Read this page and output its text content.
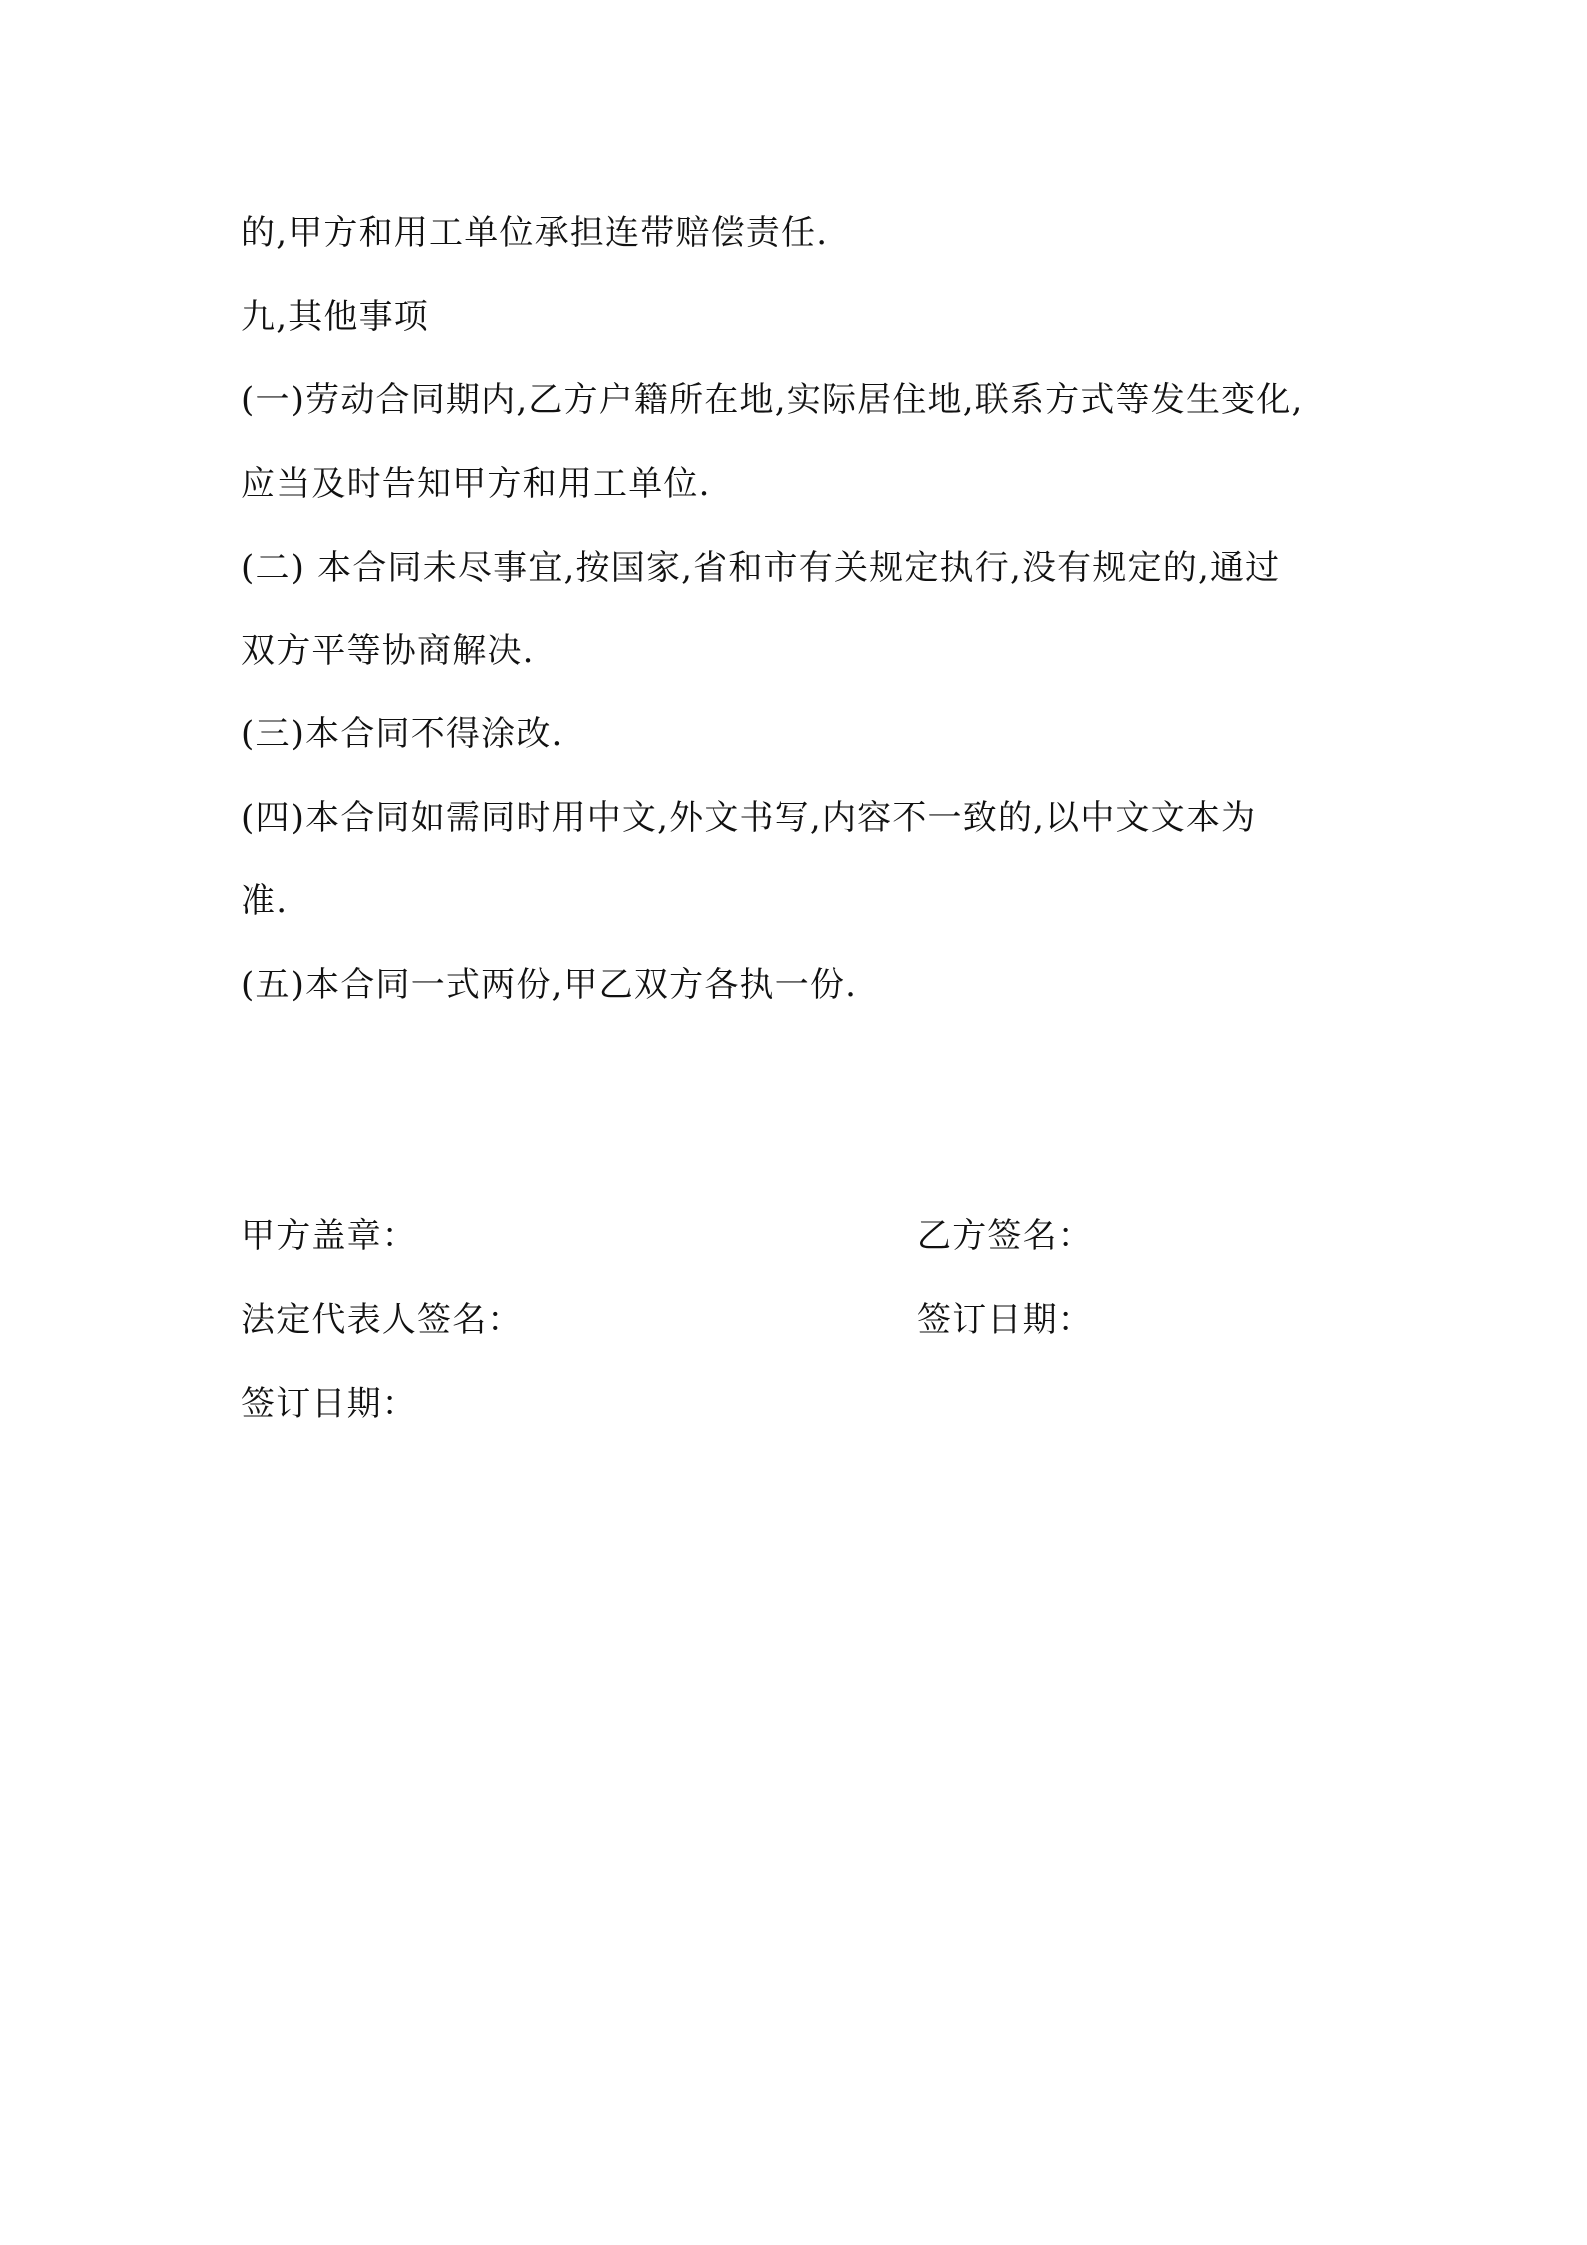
的,甲方和用工单位承担连带赔偿责任.
九,其他事项
(一)劳动合同期内,乙方户籍所在地,实际居住地,联系方式等发生变化,
应当及时告知甲方和用工单位.
(二) 本合同未尽事宜,按国家,省和市有关规定执行,没有规定的,通过
双方平等协商解决.
(三)本合同不得涂改.
(四)本合同如需同时用中文,外文书写,内容不一致的,以中文文本为
准.
(五)本合同一式两份,甲乙双方各执一份.
甲方盖章：	乙方签名：
法定代表人签名：	签订日期：
签订日期：
